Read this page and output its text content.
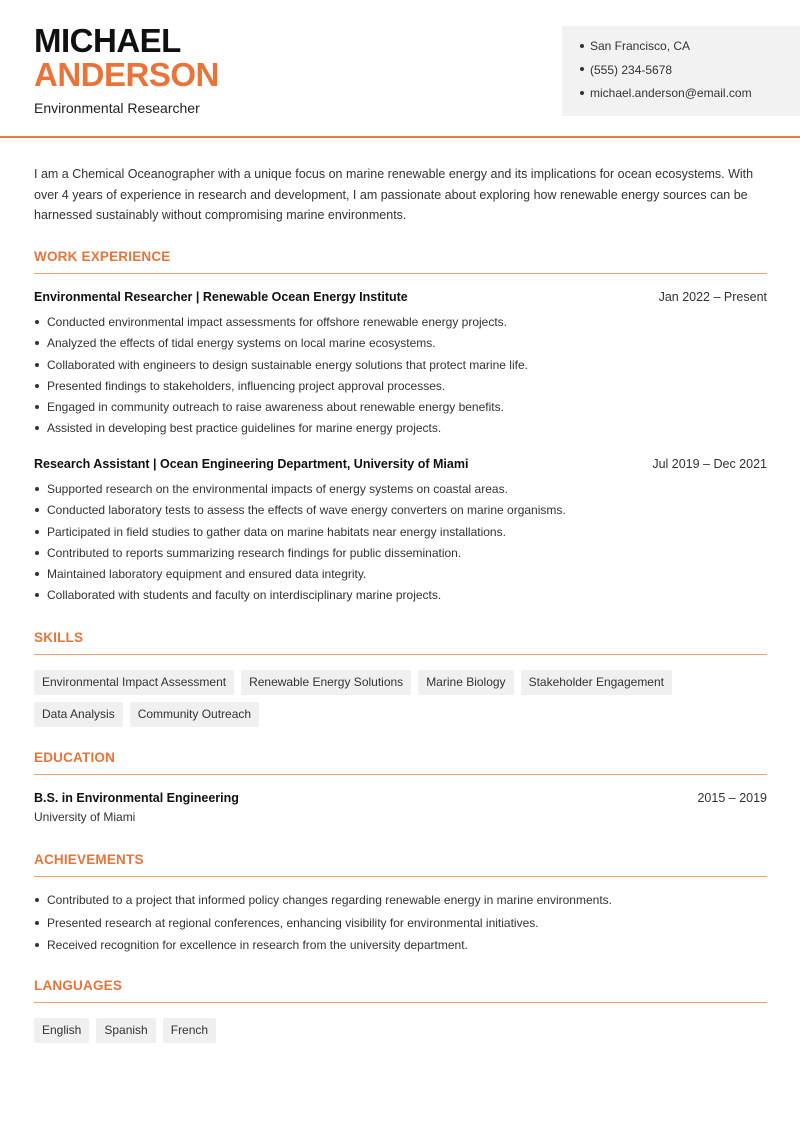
MICHAEL
ANDERSON
Environmental Researcher
San Francisco, CA
(555) 234-5678
michael.anderson@email.com

I am a Chemical Oceanographer with a unique focus on marine renewable energy and its implications for ocean ecosystems. With over 4 years of experience in research and development, I am passionate about exploring how renewable energy sources can be harnessed sustainably without compromising marine environments.

WORK EXPERIENCE
Environmental Researcher | Renewable Ocean Energy Institute	Jan 2022 – Present
Conducted environmental impact assessments for offshore renewable energy projects.
Analyzed the effects of tidal energy systems on local marine ecosystems.
Collaborated with engineers to design sustainable energy solutions that protect marine life.
Presented findings to stakeholders, influencing project approval processes.
Engaged in community outreach to raise awareness about renewable energy benefits.
Assisted in developing best practice guidelines for marine energy projects.
Research Assistant | Ocean Engineering Department, University of Miami	Jul 2019 – Dec 2021
Supported research on the environmental impacts of energy systems on coastal areas.
Conducted laboratory tests to assess the effects of wave energy converters on marine organisms.
Participated in field studies to gather data on marine habitats near energy installations.
Contributed to reports summarizing research findings for public dissemination.
Maintained laboratory equipment and ensured data integrity.
Collaborated with students and faculty on interdisciplinary marine projects.
SKILLS
Environmental Impact Assessment	Renewable Energy Solutions	Marine Biology	Stakeholder Engagement
Data Analysis	Community Outreach
EDUCATION
B.S. in Environmental Engineering	2015 – 2019
University of Miami
ACHIEVEMENTS
Contributed to a project that informed policy changes regarding renewable energy in marine environments.
Presented research at regional conferences, enhancing visibility for environmental initiatives.
Received recognition for excellence in research from the university department.
LANGUAGES
English	Spanish	French
